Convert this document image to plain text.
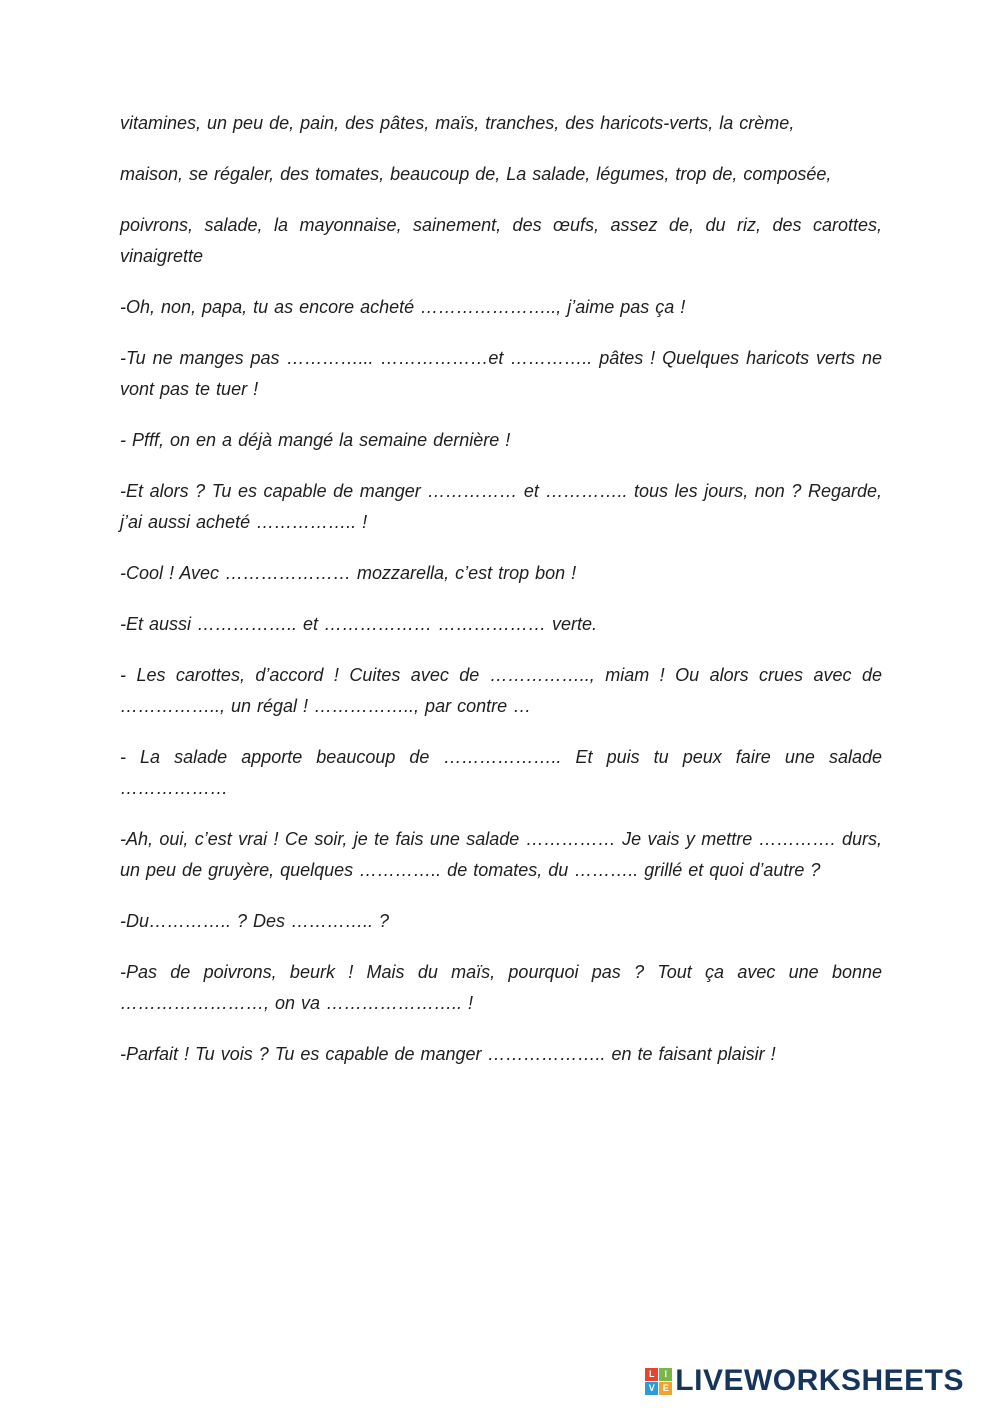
vitamines, un peu de, pain, des pâtes, maïs, tranches, des haricots-verts, la crème,

maison, se régaler, des tomates, beaucoup de, La salade, légumes, trop de, composée,

poivrons, salade, la mayonnaise, sainement, des œufs, assez de, du riz, des carottes, vinaigrette

-Oh, non, papa, tu as encore acheté ………………….., j’aime pas ça !

-Tu ne manges pas …………... ………………et ………….. pâtes ! Quelques haricots verts ne vont pas te tuer !

- Pfff, on en a déjà mangé la semaine dernière !

-Et alors ? Tu es capable de manger …………… et ………….. tous les jours, non ? Regarde, j’ai aussi acheté …………….. !

-Cool ! Avec ………………… mozzarella, c’est trop bon !

-Et aussi …………….. et ……………… ……………… verte.

- Les carottes, d’accord ! Cuites avec de …………….., miam ! Ou alors crues avec de …………….., un régal ! …………….., par contre …

- La salade apporte beaucoup de ……………….. Et puis tu peux faire une salade ………………

-Ah, oui, c’est vrai ! Ce soir, je te fais une salade …………… Je vais y mettre …………. durs, un peu de gruyère, quelques ………….. de tomates, du ……….. grillé et quoi d’autre ?

-Du………….. ? Des ………….. ?

-Pas de poivrons, beurk ! Mais du maïs, pourquoi pas ? Tout ça avec une bonne ……………………, on va ………………….. !

-Parfait ! Tu vois ? Tu es capable de manger ……………….. en te faisant plaisir !

L	I
V E LIVEWORKSHEETS
